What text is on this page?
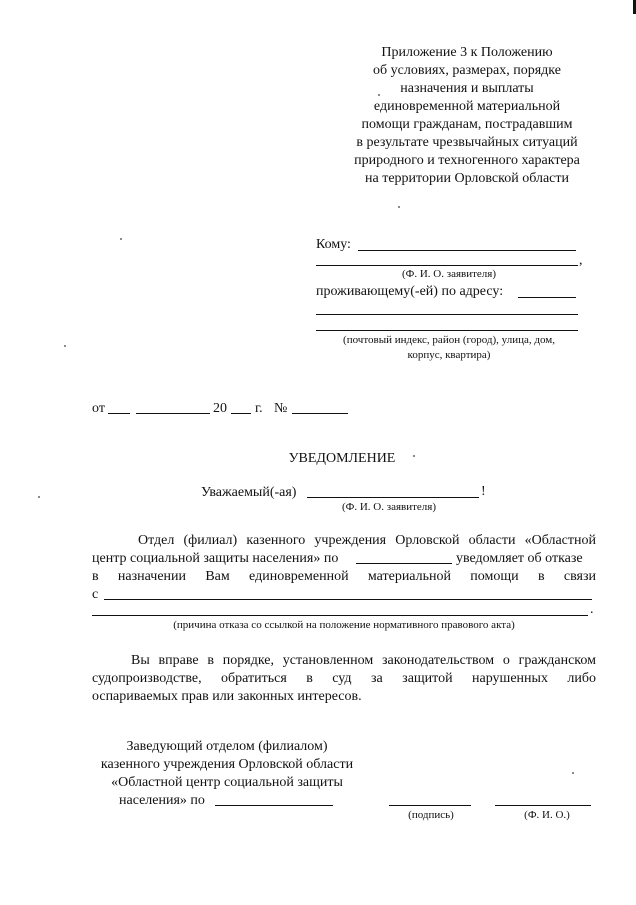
Приложение 3 к Положению
об условиях, размерах, порядке
назначения и выплаты
единовременной материальной
помощи гражданам, пострадавшим
в результате чрезвычайных ситуаций
природного и техногенного характера
на территории Орловской области
Кому:
,
(Ф. И. О. заявителя)
проживающему(-ей) по адресу:
(почтовый индекс, район (город), улица, дом,
корпус, квартира)
от	20 г. №
УВЕДОМЛЕНИЕ
Уважаемый(-ая)	!
(Ф. И. О. заявителя)
Отдел (филиал) казенного учреждения Орловской области «Областной
центр социальной защиты населения» по	уведомляет об отказе
в назначении Вам единовременной материальной помощи в связи
с
.
(причина отказа со ссылкой на положение нормативного правового акта)
Вы вправе в порядке, установленном законодательством о гражданском
судопроизводстве, обратиться в суд за защитой нарушенных либо
оспариваемых прав или законных интересов.
Заведующий отделом (филиалом)
казенного учреждения Орловской области
«Областной центр социальной защиты
населения» по
(подпись)	(Ф. И. О.)
